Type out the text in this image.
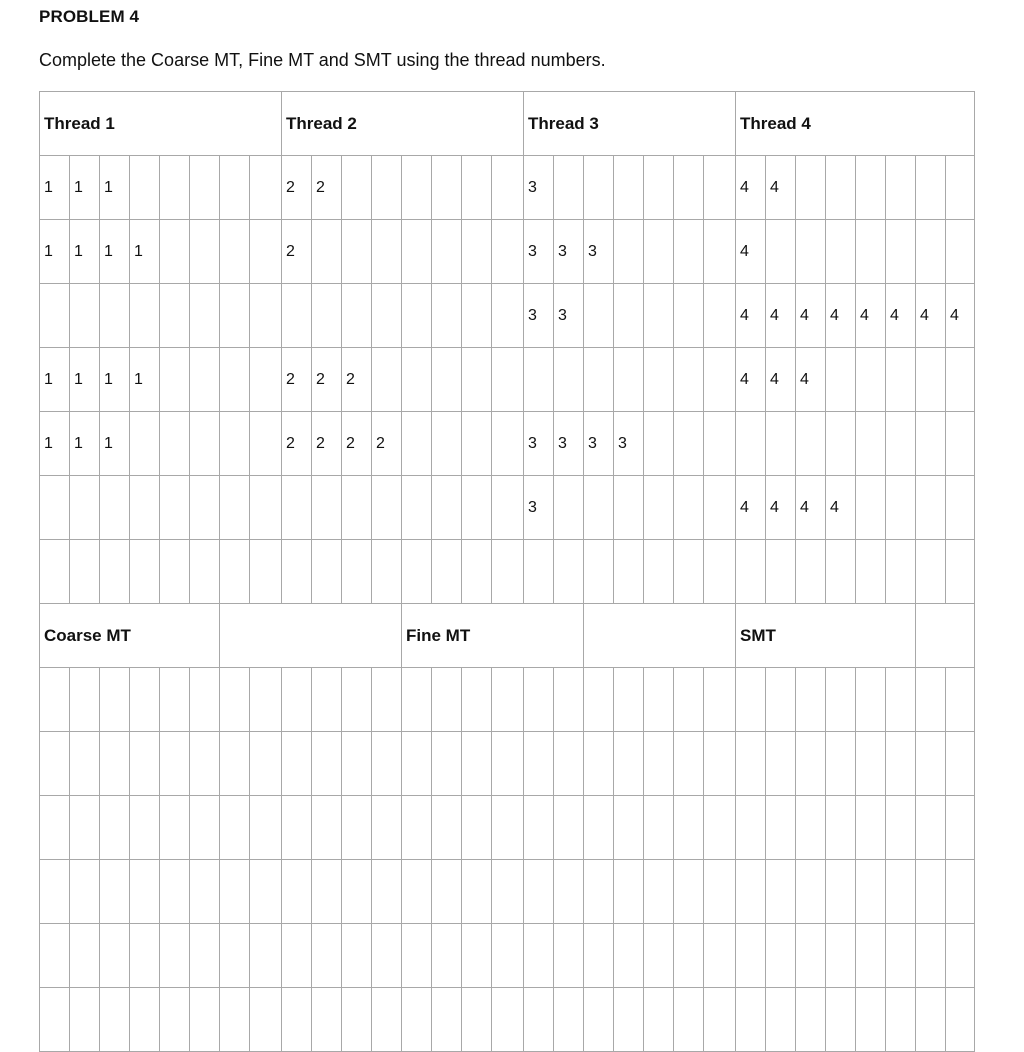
PROBLEM 4
Complete the Coarse MT, Fine MT and SMT using the thread numbers.
Thread 1								Thread 2								Thread 3							Thread 4							
1	1	1						2	2							3							4	4						
1	1	1	1					2								3	3	3					4							
																3	3						4	4	4	4	4	4	4	4
1	1	1	1					2	2	2													4	4	4					
1	1	1						2	2	2	2					3	3	3	3											
																3							4	4	4	4				

Coarse MT												Fine MT											SMT							
